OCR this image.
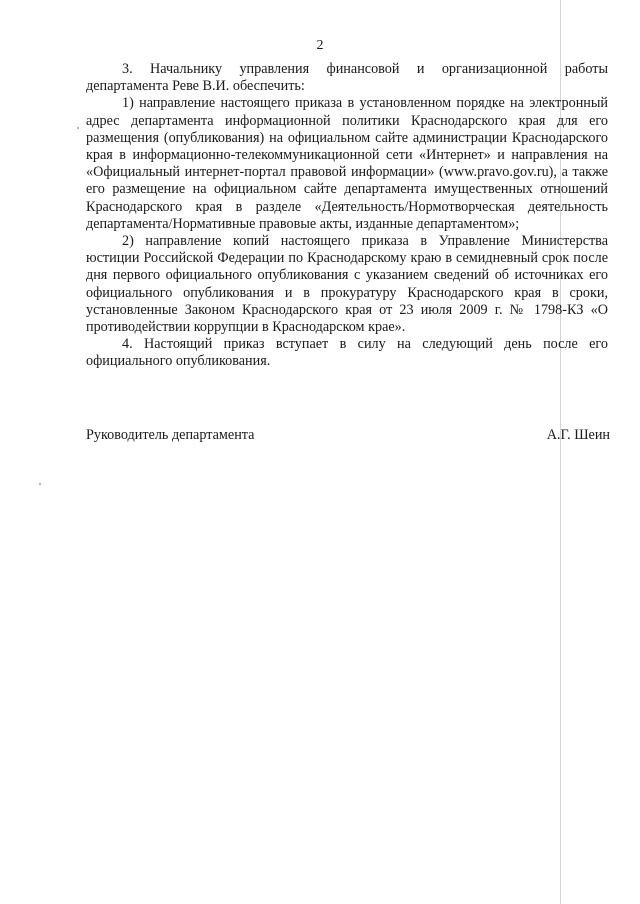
2

3. Начальнику управления финансовой и организационной работы департамента Реве В.И. обеспечить:

1) направление настоящего приказа в установленном порядке на электронный адрес департамента информационной политики Краснодарского края для его размещения (опубликования) на официальном сайте администрации Краснодарского края в информационно-телекоммуникационной сети «Интернет» и направления на «Официальный интернет-портал правовой информации» (www.pravo.gov.ru), а также его размещение на официальном сайте департамента имущественных отношений Краснодарского края в разделе «Деятельность/Нормотворческая деятельность департамента/Нормативные правовые акты, изданные департаментом»;

2) направление копий настоящего приказа в Управление Министерства юстиции Российской Федерации по Краснодарскому краю в семидневный срок после дня первого официального опубликования с указанием сведений об источниках его официального опубликования и в прокуратуру Краснодарского края в сроки, установленные Законом Краснодарского края от 23 июля 2009 г. № 1798-КЗ «О противодействии коррупции в Краснодарском крае».

4. Настоящий приказ вступает в силу на следующий день после его официального опубликования.

Руководитель департамента	А.Г. Шеин
